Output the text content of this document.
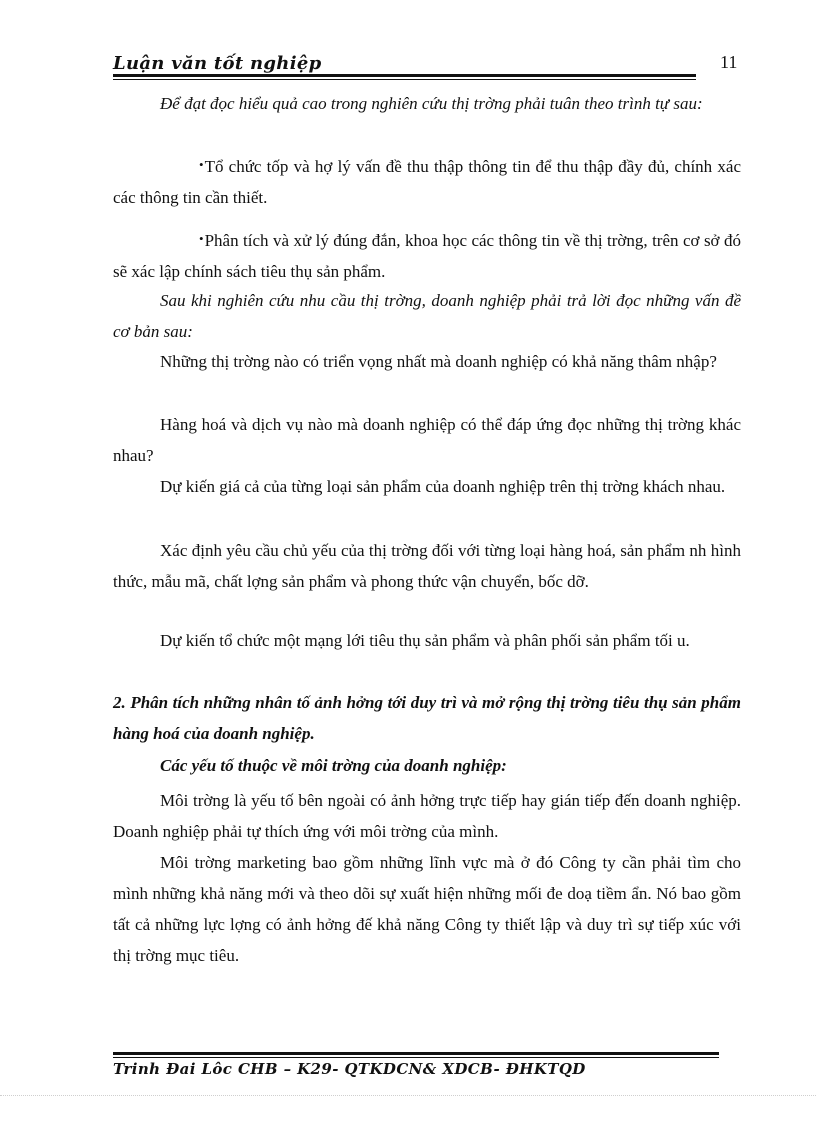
Luận văn tốt nghiệp	11

Để đạt đọc hiểu quả cao trong nghiên cứu thị trờng phải tuân theo trình tự sau:

•Tổ chức tốp và hợ lý vấn đề thu thập thông tin để thu thập đầy đủ, chính xác các thông tin cần thiết.

•Phân tích và xử lý đúng đắn, khoa học các thông tin về thị trờng, trên cơ sở đó sẽ xác lập chính sách tiêu thụ sản phẩm.

Sau khi nghiên cứu nhu cầu thị trờng, doanh nghiệp phải trả lời đọc những vấn đề cơ bản sau:

Những thị trờng nào có triển vọng nhất mà doanh nghiệp có khả năng thâm nhập?

Hàng hoá và dịch vụ nào mà doanh nghiệp có thể đáp ứng đọc những thị trờng khác nhau?

Dự kiến giá cả của từng loại sản phẩm của doanh nghiệp trên thị trờng khách nhau.

Xác định yêu cầu chủ yếu của thị trờng đối với từng loại hàng hoá, sản phẩm nh hình thức, mẫu mã, chất lợng sản phẩm và phong thức vận chuyển, bốc dỡ.

Dự kiến tổ chức một mạng lới tiêu thụ sản phẩm và phân phối sản phẩm tối u.

2. Phân tích những nhân tố ảnh hởng tới duy trì và mở rộng thị trờng tiêu thụ sản phẩm hàng hoá của doanh nghiệp.

Các yếu tố thuộc về môi trờng của doanh nghiệp:

Môi trờng là yếu tố bên ngoài có ảnh hởng trực tiếp hay gián tiếp đến doanh nghiệp. Doanh nghiệp phải tự thích ứng với môi trờng của mình.

Môi trờng marketing bao gồm những lĩnh vực mà ở đó Công ty cần phải tìm cho mình những khả năng mới và theo dõi sự xuất hiện những mối đe doạ tiềm ẩn. Nó bao gồm tất cả những lực lợng có ảnh hởng đế khả năng Công ty thiết lập và duy trì sự tiếp xúc với thị trờng mục tiêu.

Trinh Đai Lôc CHB – K29- QTKDCN& XDCB- ĐHKTQD
